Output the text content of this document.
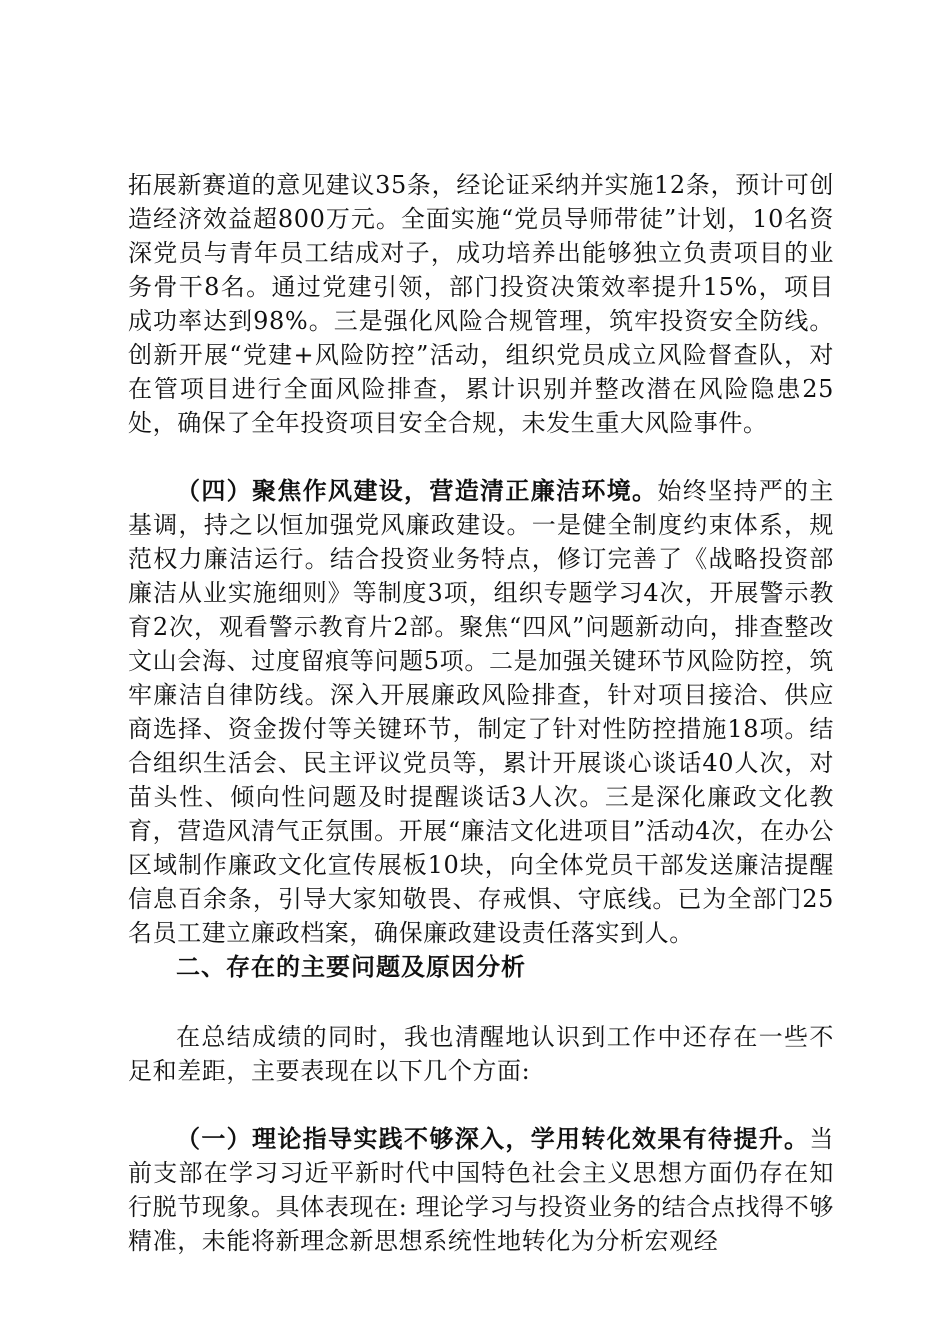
拓展新赛道的意见建议35条，经论证采纳并实施12条，预计可创造经济效益超800万元。全面实施“党员导师带徒”计划，10名资深党员与青年员工结成对子，成功培养出能够独立负责项目的业务骨干8名。通过党建引领，部门投资决策效率提升15%，项目成功率达到98%。三是强化风险合规管理，筑牢投资安全防线。创新开展“党建+风险防控”活动，组织党员成立风险督查队，对在管项目进行全面风险排查，累计识别并整改潜在风险隐患25处，确保了全年投资项目安全合规，未发生重大风险事件。

（四）聚焦作风建设，营造清正廉洁环境。始终坚持严的主基调，持之以恒加强党风廉政建设。一是健全制度约束体系，规范权力廉洁运行。结合投资业务特点，修订完善了《战略投资部廉洁从业实施细则》等制度3项，组织专题学习4次，开展警示教育2次，观看警示教育片2部。聚焦“四风”问题新动向，排查整改文山会海、过度留痕等问题5项。二是加强关键环节风险防控，筑牢廉洁自律防线。深入开展廉政风险排查，针对项目接洽、供应商选择、资金拨付等关键环节，制定了针对性防控措施18项。结合组织生活会、民主评议党员等，累计开展谈心谈话40人次，对苗头性、倾向性问题及时提醒谈话3人次。三是深化廉政文化教育，营造风清气正氛围。开展“廉洁文化进项目”活动4次，在办公区域制作廉政文化宣传展板10块，向全体党员干部发送廉洁提醒信息百余条，引导大家知敬畏、存戒惧、守底线。已为全部门25名员工建立廉政档案，确保廉政建设责任落实到人。

二、存在的主要问题及原因分析

在总结成绩的同时，我也清醒地认识到工作中还存在一些不足和差距，主要表现在以下几个方面:

（一）理论指导实践不够深入，学用转化效果有待提升。当前支部在学习习近平新时代中国特色社会主义思想方面仍存在知行脱节现象。具体表现在: 理论学习与投资业务的结合点找得不够精准，未能将新理念新思想系统性地转化为分析宏观经
